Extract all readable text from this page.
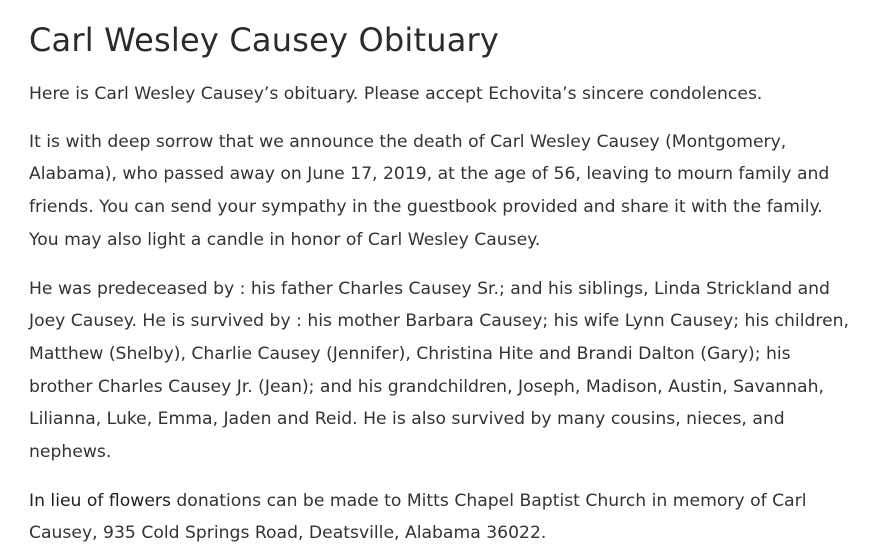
Carl Wesley Causey Obituary

Here is Carl Wesley Causey’s obituary. Please accept Echovita’s sincere condolences.

It is with deep sorrow that we announce the death of Carl Wesley Causey (Montgomery, Alabama), who passed away on June 17, 2019, at the age of 56, leaving to mourn family and friends. You can send your sympathy in the guestbook provided and share it with the family. You may also light a candle in honor of Carl Wesley Causey.

He was predeceased by : his father Charles Causey Sr.; and his siblings, Linda Strickland and Joey Causey. He is survived by : his mother Barbara Causey; his wife Lynn Causey; his children, Matthew (Shelby), Charlie Causey (Jennifer), Christina Hite and Brandi Dalton (Gary); his brother Charles Causey Jr. (Jean); and his grandchildren, Joseph, Madison, Austin, Savannah, Lilianna, Luke, Emma, Jaden and Reid. He is also survived by many cousins, nieces, and nephews.

In lieu of flowers donations can be made to Mitts Chapel Baptist Church in memory of Carl Causey, 935 Cold Springs Road, Deatsville, Alabama 36022.
